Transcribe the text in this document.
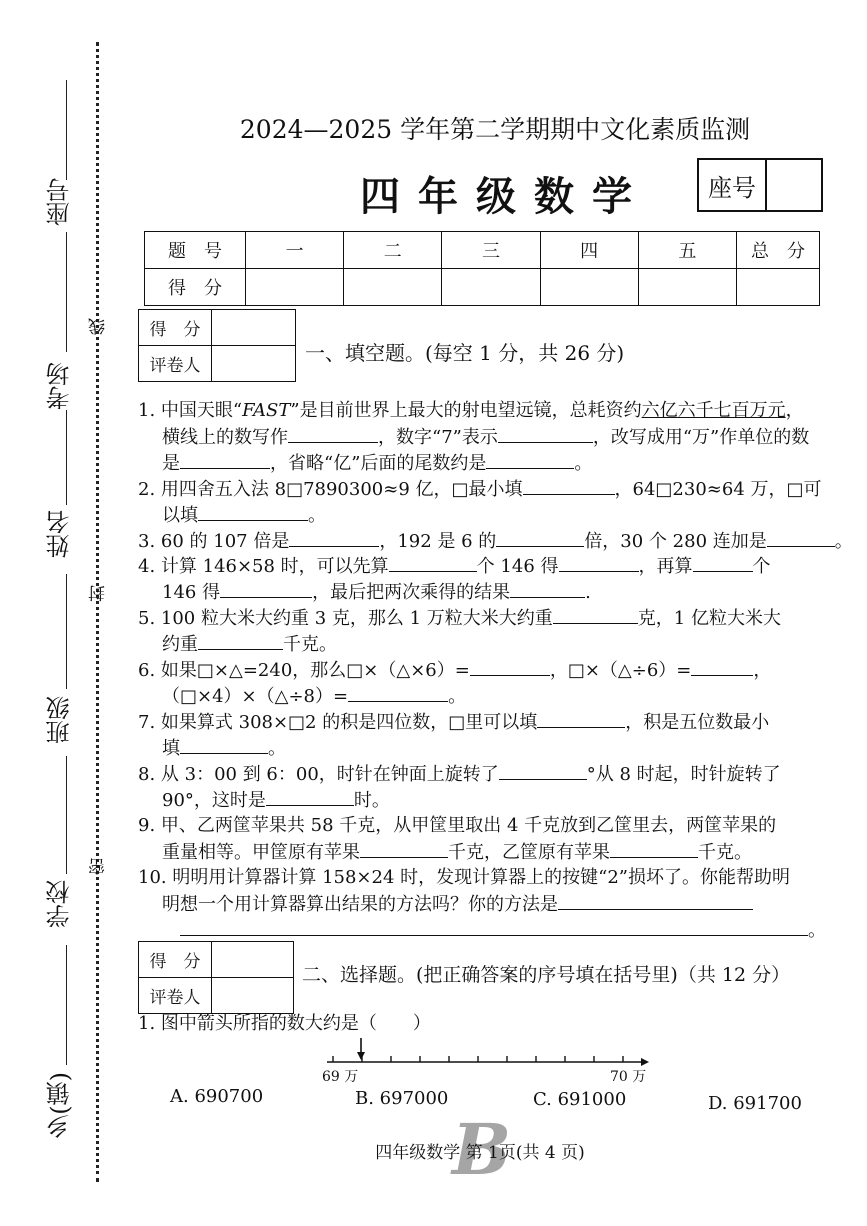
座号
考场
线
姓名
封
班级
学校
密
乡(镇)
2024—2025 学年第二学期期中文化素质监测
四年级数学	座号
题　号	一	二	三	四	五	总　分
得　分						
得　分	
评卷人	
一、填空题。(每空 1 分，共 26 分)
1. 中国天眼“FAST”是目前世界上最大的射电望远镜，总耗资约六亿六千七百万元，
横线上的数写作	，数字“7”表示	，改写成用“万”作单位的数
是	，省略“亿”后面的尾数约是	。
2. 用四舍五入法 8□7890300≈9 亿，□最小填	，64□230≈64 万，□可
以填	。
3. 60 的 107 倍是	，192 是 6 的	倍，30 个 280 连加是	。
4. 计算 146×58 时，可以先算	个 146 得	，再算	个
146 得	，最后把两次乘得的结果	.
5. 100 粒大米大约重 3 克，那么 1 万粒大米大约重	克，1 亿粒大米大
约重	千克。
6. 如果□×△=240，那么□×（△×6）=	，□×（△÷6）=	，
（□×4）×（△÷8）=	。
7. 如果算式 308×□2 的积是四位数，□里可以填	，积是五位数最小
填	。
8. 从 3：00 到 6：00，时针在钟面上旋转了	°从 8 时起，时针旋转了
90°，这时是	时。
9. 甲、乙两筐苹果共 58 千克，从甲筐里取出 4 千克放到乙筐里去，两筐苹果的
重量相等。甲筐原有苹果	千克，乙筐原有苹果	千克。
10. 明明用计算器计算 158×24 时，发现计算器上的按键“2”损坏了。你能帮助明
明想一个用计算器算出结果的方法吗？你的方法是
。
得　分	
评卷人	
二、选择题。(把正确答案的序号填在括号里)（共 12 分）
1. 图中箭头所指的数大约是（　　）
69 万	70 万
A. 690700	B. 697000	C. 691000	D. 691700
B
四年级数学 第 1页(共 4 页)
